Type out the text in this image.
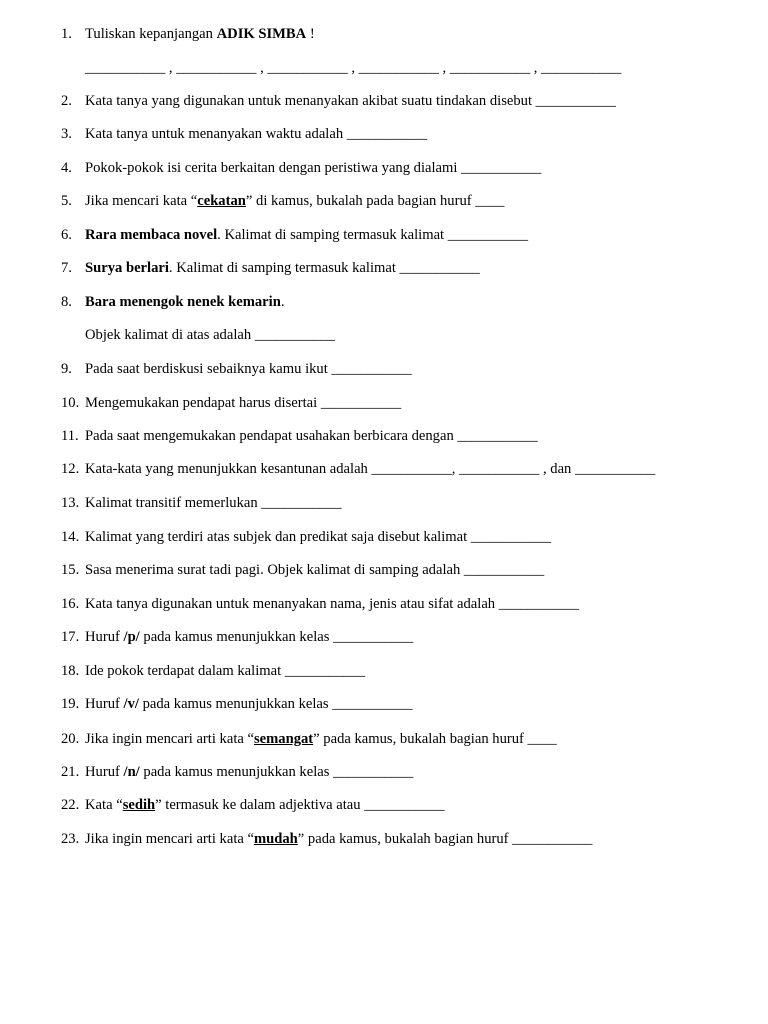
1. Tuliskan kepanjangan ADIK SIMBA !
___________ , ___________ , ___________ , ___________ , ___________ , ___________
2. Kata tanya yang digunakan untuk menanyakan akibat suatu tindakan disebut ___________
3. Kata tanya untuk menanyakan waktu adalah ___________
4. Pokok-pokok isi cerita berkaitan dengan peristiwa yang dialami ___________
5. Jika mencari kata “cekatan” di kamus, bukalah pada bagian huruf ____
6. Rara membaca novel. Kalimat di samping termasuk kalimat ___________
7. Surya berlari. Kalimat di samping termasuk kalimat ___________
8. Bara menengok nenek kemarin.
Objek kalimat di atas adalah ___________
9. Pada saat berdiskusi sebaiknya kamu ikut ___________
10. Mengemukakan pendapat harus disertai ___________
11. Pada saat mengemukakan pendapat usahakan berbicara dengan ___________
12. Kata-kata yang menunjukkan kesantunan adalah ___________, ___________ , dan ___________
13. Kalimat transitif memerlukan ___________
14. Kalimat yang terdiri atas subjek dan predikat saja disebut kalimat ___________
15. Sasa menerima surat tadi pagi. Objek kalimat di samping adalah ___________
16. Kata tanya digunakan untuk menanyakan nama, jenis atau sifat adalah ___________
17. Huruf /p/ pada kamus menunjukkan kelas ___________
18. Ide pokok terdapat dalam kalimat ___________
19. Huruf /v/ pada kamus menunjukkan kelas ___________
20. Jika ingin mencari arti kata “semangat” pada kamus, bukalah bagian huruf ____
21. Huruf /n/ pada kamus menunjukkan kelas ___________
22. Kata “sedih” termasuk ke dalam adjektiva atau ___________
23. Jika ingin mencari arti kata “mudah” pada kamus, bukalah bagian huruf ___________
